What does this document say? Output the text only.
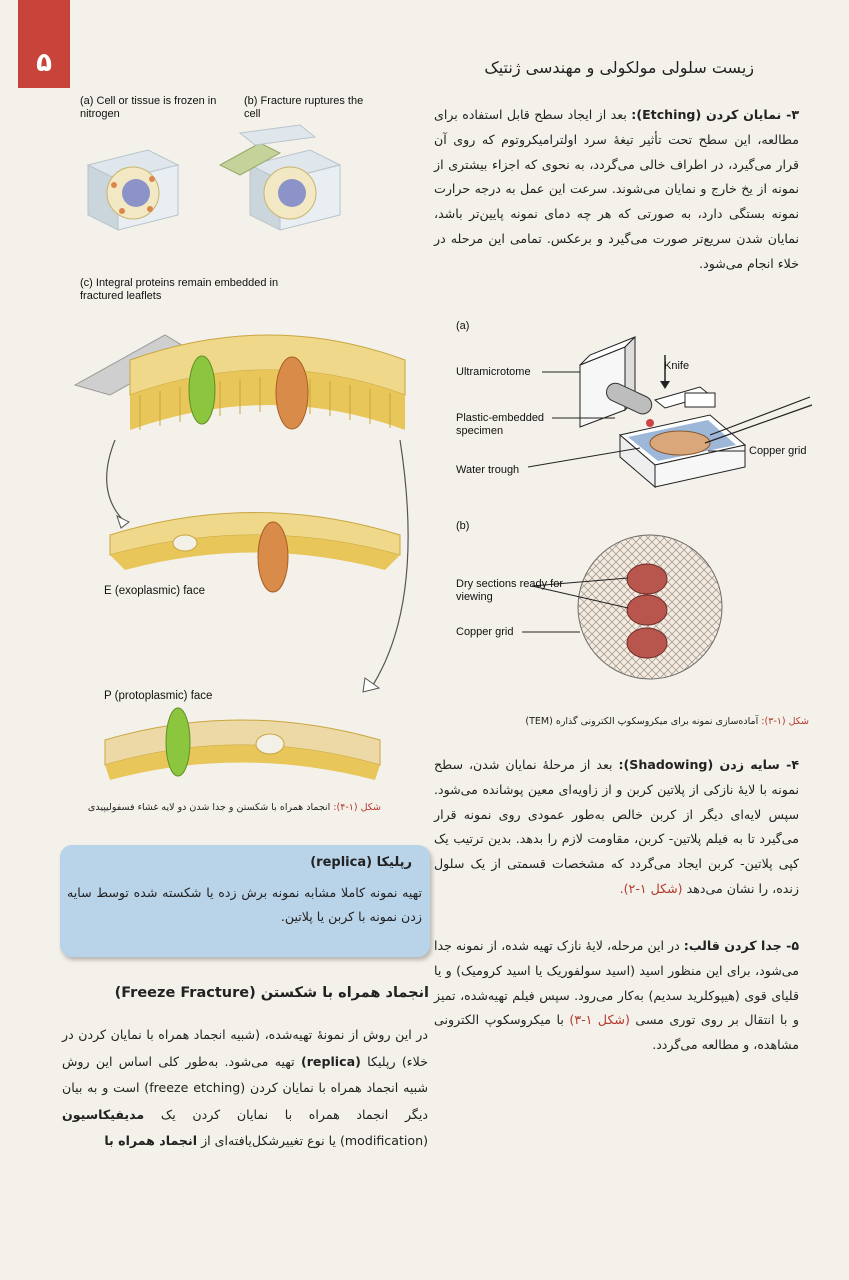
۵	زیست سلولی مولکولی و مهندسی ژنتیک
(a) Cell or tissue is frozen in nitrogen
(b) Fracture ruptures the cell
(c) Integral proteins remain embedded in fractured leaflets
E (exoplasmic) face
P (protoplasmic) face
شکل (۱-۴): انجماد همراه با شکستن و جدا شدن دو لایه غشاء فسفولیپیدی
۳- نمایان کردن (Etching): بعد از ایجاد سطح قابل استفاده برای مطالعه، این سطح تحت تأثیر تیغهٔ سرد اولترامیکروتوم که روی آن قرار می‌گیرد، در اطراف خالی می‌گردد، به نحوی که اجزاء بیشتری از نمونه از یخ خارج و نمایان می‌شوند. سرعت این عمل به درجه حرارت نمونه بستگی دارد، به صورتی که هر چه دمای نمونه پایین‌تر باشد، نمایان شدن سریع‌تر صورت می‌گیرد و برعکس. تمامی این مرحله در خلاء انجام می‌شود.
(a)
Ultramicrotome	Knife
Plastic-embedded specimen
Copper grid
Water trough
(b)
Dry sections ready for viewing
Copper grid
شکل (۱-۳): آماده‌سازی نمونه برای میکروسکوپ الکترونی گذاره (TEM)
۴- سایه زدن (Shadowing): بعد از مرحلهٔ نمایان شدن، سطح نمونه با لایهٔ نازکی از پلاتین کربن و از زاویه‌ای معین پوشانده می‌شود. سپس لایه‌ای دیگر از کربن خالص به‌طور عمودی روی نمونه قرار می‌گیرد تا به فیلم پلاتین- کربن، مقاومت لازم را بدهد. بدین ترتیب یک کپی پلاتین- کربن ایجاد می‌گردد که مشخصات قسمتی از یک سلول زنده، را نشان می‌دهد (شکل ۱-۲).
۵- جدا کردن قالب: در این مرحله، لایهٔ نازک تهیه شده، از نمونه جدا می‌شود، برای این منظور اسید (اسید سولفوریک یا اسید کرومیک) و یا قلیای قوی (هیپوکلرید سدیم) به‌کار می‌رود. سپس فیلم تهیه‌شده، تمیز و با انتقال بر روی توری مسی (شکل ۱-۳) با میکروسکوپ الکترونی مشاهده، و مطالعه می‌گردد.
رپلیکا (replica)
تهیه نمونه کاملا مشابه نمونه برش زده یا شکسته شده توسط سایه زدن نمونه با کربن یا پلاتین.
انجماد همراه با شکستن (Freeze Fracture)
در این روش از نمونهٔ تهیه‌شده، (شبیه انجماد همراه با نمایان کردن در خلاء) رپلیکا (replica) تهیه می‌شود. به‌طور کلی اساس این روش شبیه انجماد همراه با نمایان کردن (freeze etching) است و به بیان دیگر انجماد همراه با نمایان کردن یک مدیفیکاسیون (modification) یا نوع تغییرشکل‌یافته‌ای از انجماد همراه با
